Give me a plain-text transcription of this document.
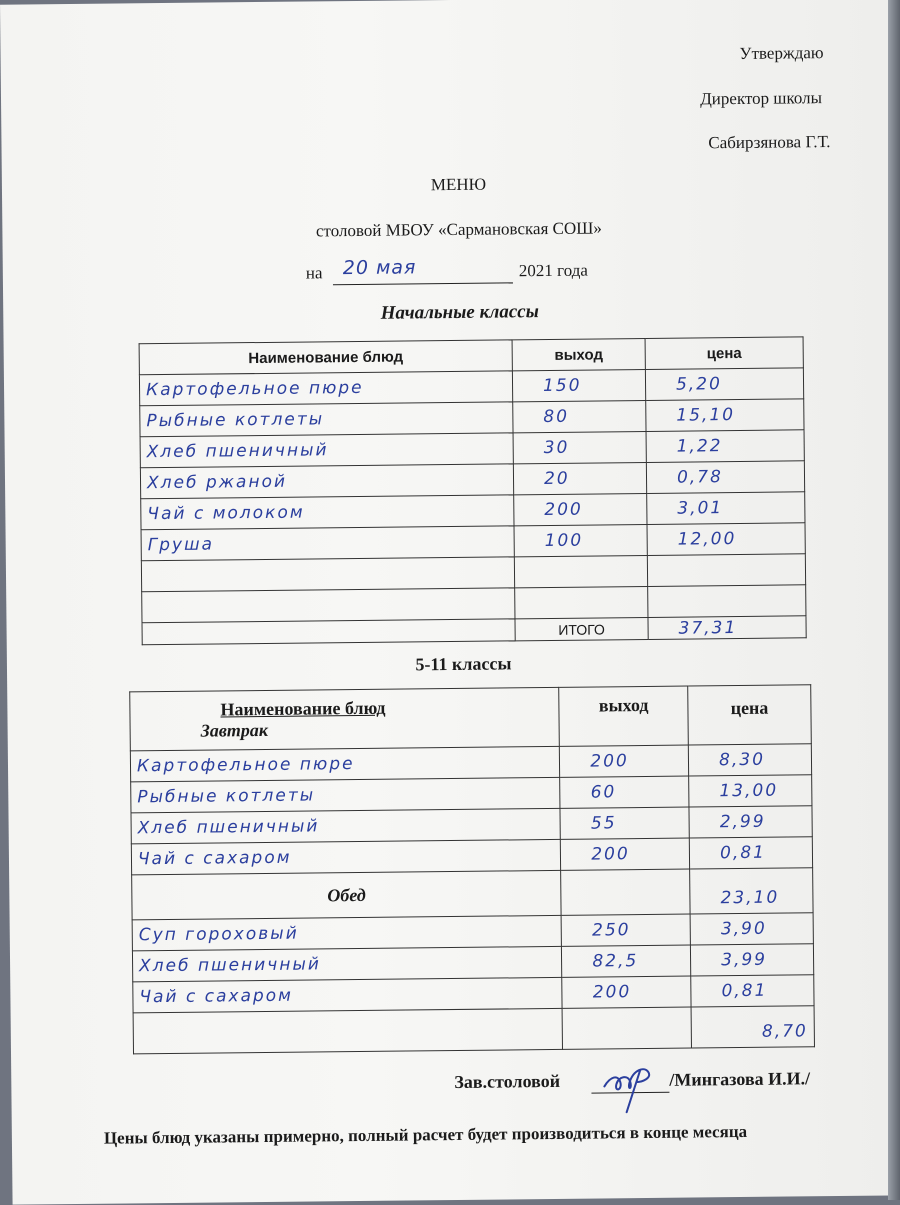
Утверждаю
Директор школы
Сабирзянова Г.Т.
МЕНЮ
столовой МБОУ «Сармановская СОШ»
на 20 мая	2021 года
Начальные классы
Наименование блюд	выход	цена
Картофельное пюре	150	5,20
Рыбные котлеты	80	15,10
Хлеб пшеничный	30	1,22
Хлеб ржаной	20	0,78
Чай с молоком	200	3,01
Груша	100	12,00

	ИТОГО	37,31
5-11 классы
Наименование блюд
Завтрак	выход	цена
Картофельное пюре	200	8,30
Рыбные котлеты	60	13,00
Хлеб пшеничный	55	2,99
Чай с сахаром	200	0,81
Обед		23,10
Суп гороховый	250	3,90
Хлеб пшеничный	82,5	3,99
Чай с сахаром	200	0,81
		8,70
Зав.столовой	/Мингазова И.И./
Цены блюд указаны примерно, полный расчет будет производиться в конце месяца
